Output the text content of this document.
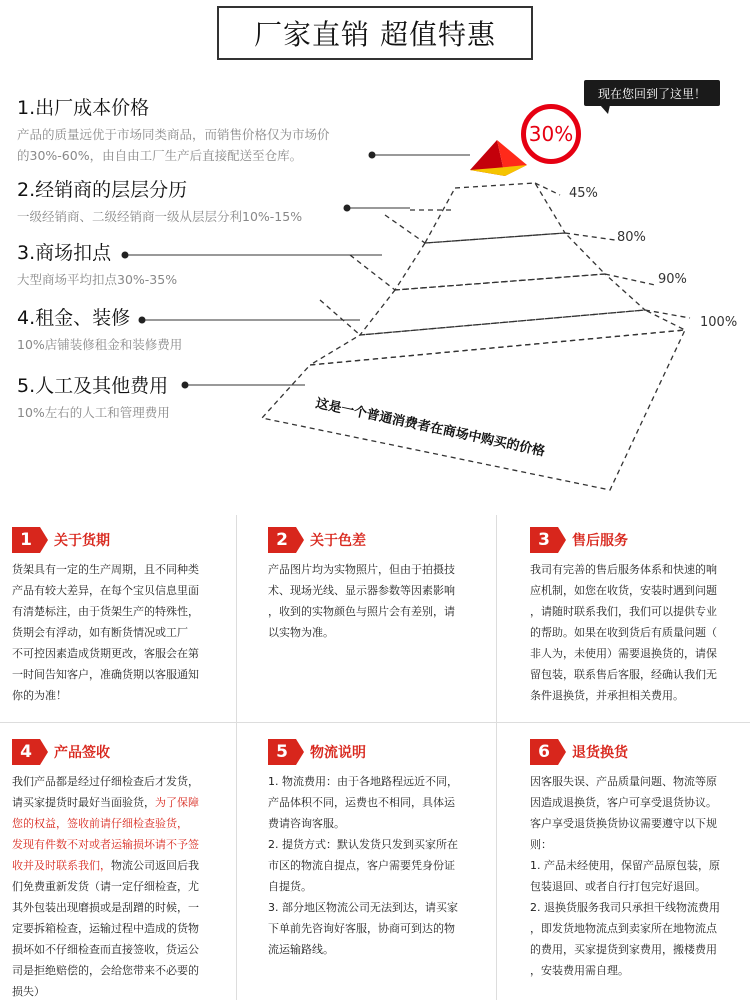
厂家直销 超值特惠
这是一个普通消费者在商场中购买的价格
1.出厂成本价格
产品的质量远优于市场同类商品，而销售价格仅为市场价
的30%-60%，由自由工厂生产后直接配送至仓库。
2.经销商的层层分历
一级经销商、二级经销商一级从层层分利10%-15%
3.商场扣点
大型商场平均扣点30%-35%
4.租金、装修
10%店铺装修租金和装修费用
5.人工及其他费用
10%左右的人工和管理费用
现在您回到了这里！
30%
45%
80%
90%
100%
1	关于货期
货架具有一定的生产周期，且不同种类
产品有较大差异，在每个宝贝信息里面
有清楚标注，由于货架生产的特殊性，
货期会有浮动，如有断货情况或工厂
不可控因素造成货期更改，客服会在第
一时间告知客户，准确货期以客服通知
你的为准！
2	关于色差
产品图片均为实物照片，但由于拍摄技
术、现场光线、显示器参数等因素影响
，收到的实物颜色与照片会有差别，请
以实物为准。
3	售后服务
我司有完善的售后服务体系和快速的响
应机制，如您在收货，安装时遇到问题
，请随时联系我们，我们可以提供专业
的帮助。如果在收到货后有质量问题（
非人为，未使用）需要退换货的，请保
留包装，联系售后客服，经确认我们无
条件退换货，并承担相关费用。
4	产品签收
我们产品都是经过仔细检查后才发货，
请买家提货时最好当面验货，为了保障
您的权益，签收前请仔细检查验货，
发现有件数不对或者运输损坏请不予签
收并及时联系我们，物流公司返回后我
们免费重新发货（请一定仔细检查，尤
其外包装出现磨损或是刮蹭的时候，一
定要拆箱检查，运输过程中造成的货物
损坏如不仔细检查而直接签收，货运公
司是拒绝赔偿的，会给您带来不必要的
损失）
5	物流说明
1. 物流费用：由于各地路程远近不同，
产品体积不同，运费也不相同，具体运
费请咨询客服。
2. 提货方式：默认发货只发到买家所在
市区的物流自提点，客户需要凭身份证
自提货。
3. 部分地区物流公司无法到达，请买家
下单前先咨询好客服，协商可到达的物
流运输路线。
6	退货换货
因客服失误、产品质量问题、物流等原
因造成退换货，客户可享受退货协议。
客户享受退货换货协议需要遵守以下规
则：
1. 产品未经使用，保留产品原包装，原
包装退回、或者自行打包完好退回。
2. 退换货服务我司只承担干线物流费用
，即发货地物流点到卖家所在地物流点
的费用，买家提货到家费用，搬楼费用
，安装费用需自理。
